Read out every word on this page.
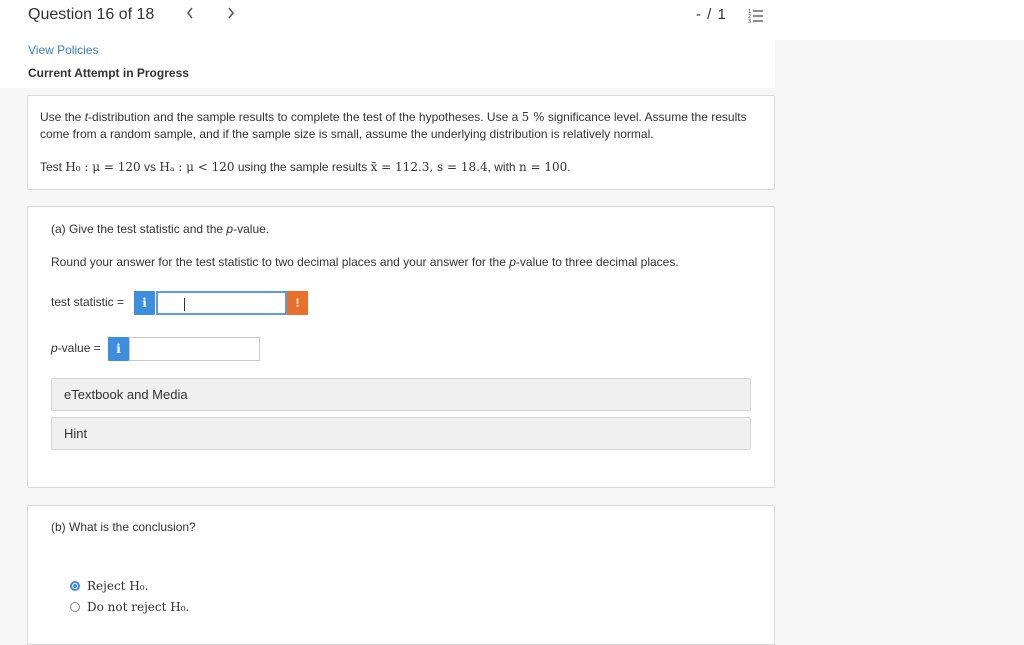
Question 16 of 18	- / 1	1
2
3
View Policies
Current Attempt in Progress
Use the t-distribution and the sample results to complete the test of the hypotheses. Use a 5 % significance level. Assume the results come from a random sample, and if the sample size is small, assume the underlying distribution is relatively normal.
Test H₀ : μ = 120 vs Hₐ : μ < 120 using the sample results x̄ = 112.3, s = 18.4, with n = 100.
(a) Give the test statistic and the p-value.
Round your answer for the test statistic to two decimal places and your answer for the p-value to three decimal places.
test statistic =	i	!
p-value =	i
eTextbook and Media
Hint
(b) What is the conclusion?
Reject H₀.
Do not reject H₀.
